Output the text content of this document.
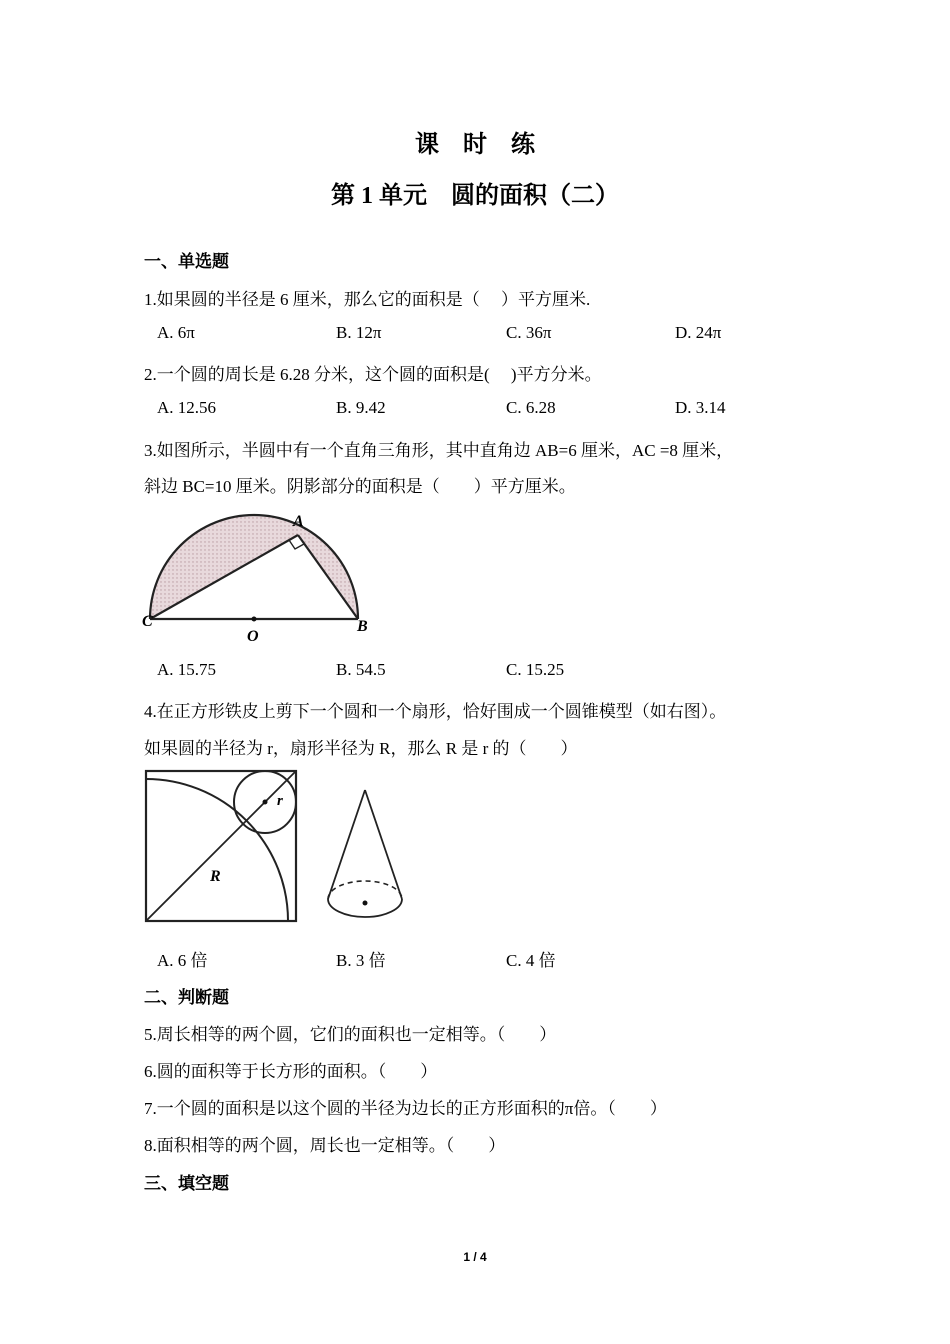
课　时　练
第 1 单元　圆的面积（二）
一、单选题
1.如果圆的半径是 6 厘米，那么它的面积是（　 ）平方厘米.
A. 6π	B. 12π	C. 36π	D. 24π
2.一个圆的周长是 6.28 分米，这个圆的面积是(　 )平方分米。
A. 12.56	B. 9.42	C. 6.28	D. 3.14
3.如图所示，半圆中有一个直角三角形，其中直角边 AB=6 厘米，AC =8 厘米，
斜边 BC=10 厘米。阴影部分的面积是（　　）平方厘米。
A
B
C
O
A. 15.75	B. 54.5	C. 15.25
4.在正方形铁皮上剪下一个圆和一个扇形，恰好围成一个圆锥模型（如右图）。
如果圆的半径为 r，扇形半径为 R，那么 R 是 r 的（　　）
r
R
A. 6 倍	B. 3 倍	C. 4 倍
二、判断题
5.周长相等的两个圆，它们的面积也一定相等。（　　）
6.圆的面积等于长方形的面积。（　　）
7.一个圆的面积是以这个圆的半径为边长的正方形面积的π倍。（　　）
8.面积相等的两个圆，周长也一定相等。（　　）
三、填空题
1 / 4
